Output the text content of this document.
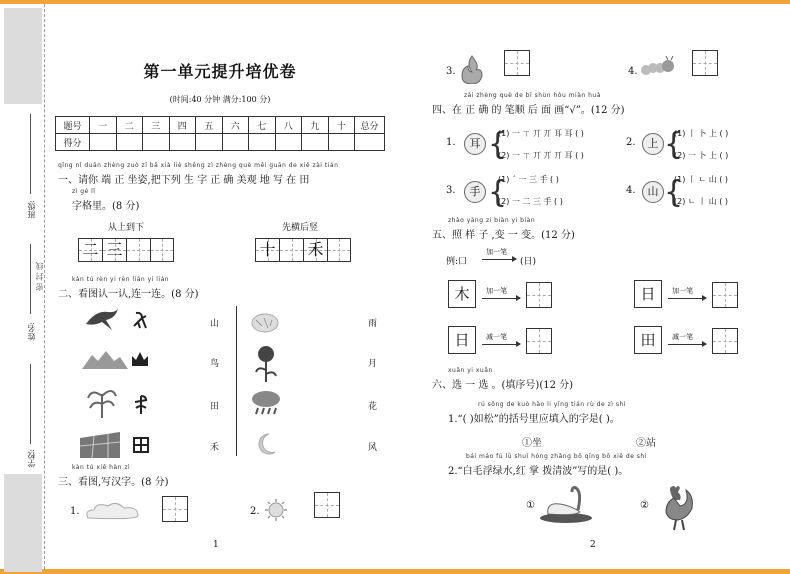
班级:
姓名:
密 封 线
学校:
第一单元提升培优卷
(时间:40 分钟 满分:100 分)
题号	一	二	三	四	五	六	七	八	九	十	总分
得分											
qǐng nǐ duān zhèng zuò zī bǎ xià liè shēng zì zhèng què měi guān de xiě zài tián
一、请你 端 正 坐姿,把下列 生 字 正 确 美观 地 写 在 田
zì gé lǐ
字格里。(8 分)
从上到下
二 三
先横后竖
十 禾
kàn tú rèn yi rèn lián yi lián
二、看图认一认,连一连。(8 分)
山
鸟
田
禾
雨
月
花
风
kàn tú xiě hàn zì
三、看图,写汉字。(8 分)
1.	2.
1
3.	4.
zài zhèng què de bǐ shùn hòu miàn huà
四、在 正 确 的 笔顺 后 面 画“√”。(12 分)
1.	耳 {
(1) 一 ㄒ 丌 丌 耳 耳 ( )
(2) 一 ㄒ 丌 丌 丌 耳 ( )
2.	上 {
(1) 丨 卜 上 ( )
(2) 一 卜 上 ( )
3.	手 {
(1) ˊ 一 三 手 ( )
(2) 一 二 三 手 ( )
4.	山 {
(1) 丨 ㄴ 山 ( )
(2) ㄴ 丨 山 ( )
zhào yàng zi biàn yi biàn
五、照 样 子 ,变 一 变。(12 分)
例:口
加一笔
(日)
木	加一笔	日	加一笔
日	减一笔	田	减一笔
xuǎn yi xuǎn
六、选 一 选 。(填序号)(12 分)
rú sōng de kuò hào li yīng tián rù de zì shì
1.“( )如松”的括号里应填入的字是( )。
①坐	②站
bái máo fú lǜ shuǐ hóng zhǎng bō qīng bō xiě de shì
2.“白毛浮绿水,红 掌 拨清波”写的是( )。
①	②
2
